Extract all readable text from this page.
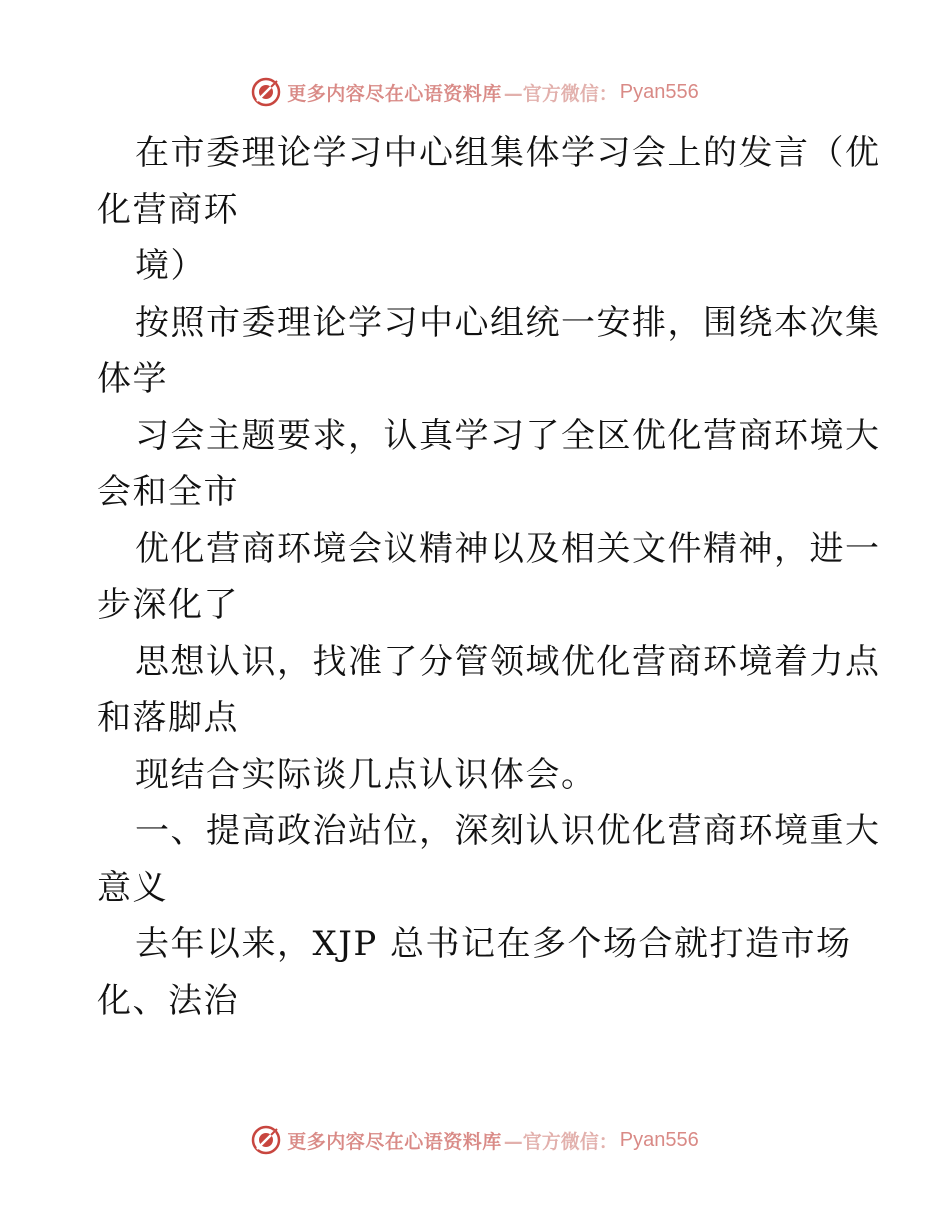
更多内容尽在心语资料库 —官方微信： Pyan556
在市委理论学习中心组集体学习会上的发言（优
化营商环
境）
按照市委理论学习中心组统一安排，围绕本次集
体学
习会主题要求，认真学习了全区优化营商环境大
会和全市
优化营商环境会议精神以及相关文件精神，进一
步深化了
思想认识，找准了分管领域优化营商环境着力点
和落脚点
现结合实际谈几点认识体会。
一、提高政治站位，深刻认识优化营商环境重大
意义
去年以来，XJP 总书记在多个场合就打造市场
化、法治
更多内容尽在心语资料库 —官方微信： Pyan556
